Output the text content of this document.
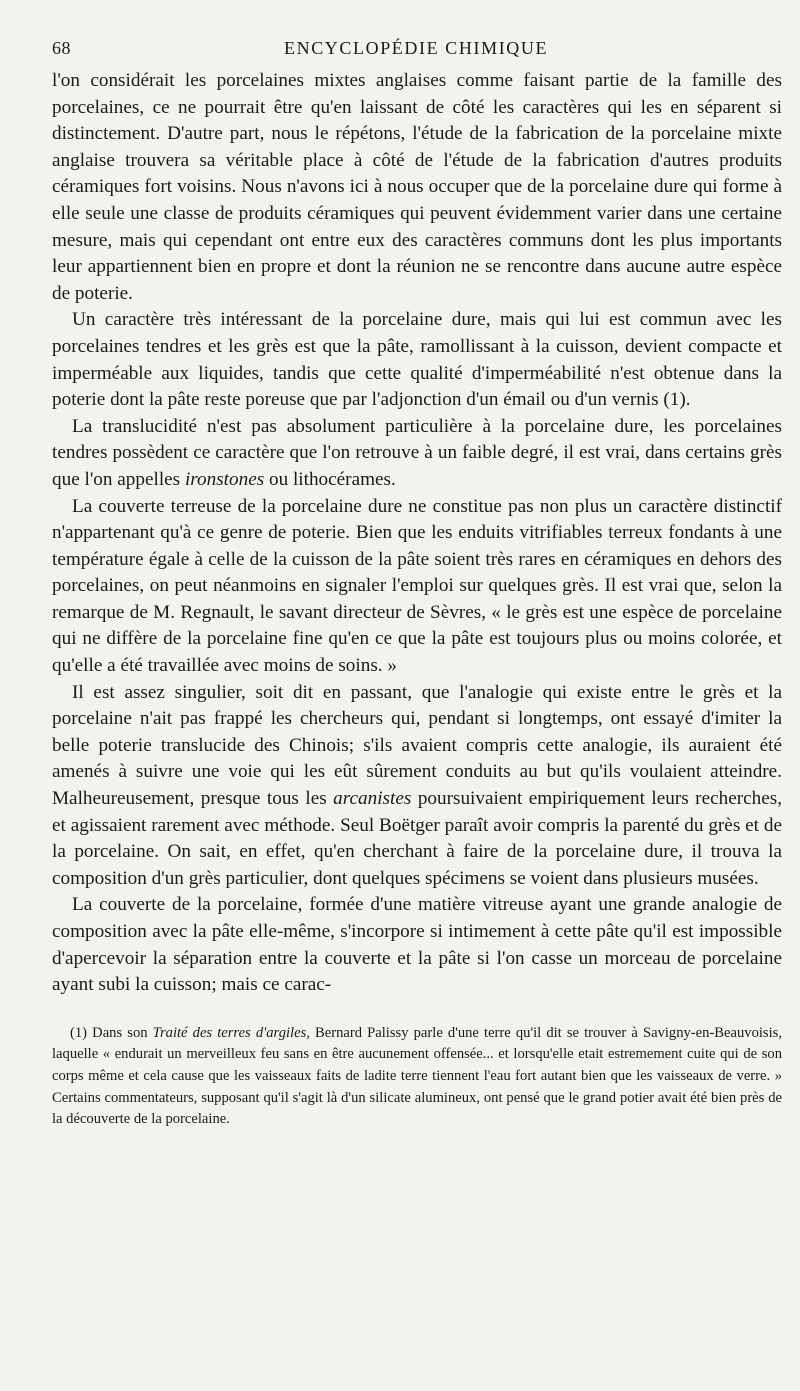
68	ENCYCLOPÉDIE CHIMIQUE

l'on considérait les porcelaines mixtes anglaises comme faisant partie de la famille des porcelaines, ce ne pourrait être qu'en laissant de côté les caractères qui les en séparent si distinctement. D'autre part, nous le répétons, l'étude de la fabrication de la porcelaine mixte anglaise trouvera sa véritable place à côté de l'étude de la fabrication d'autres produits céramiques fort voisins. Nous n'avons ici à nous occuper que de la porcelaine dure qui forme à elle seule une classe de produits céramiques qui peuvent évidemment varier dans une certaine mesure, mais qui cependant ont entre eux des caractères communs dont les plus importants leur appartiennent bien en propre et dont la réunion ne se rencontre dans aucune autre espèce de poterie.

Un caractère très intéressant de la porcelaine dure, mais qui lui est commun avec les porcelaines tendres et les grès est que la pâte, ramollissant à la cuisson, devient compacte et imperméable aux liquides, tandis que cette qualité d'imperméabilité n'est obtenue dans la poterie dont la pâte reste poreuse que par l'adjonction d'un émail ou d'un vernis (1).

La translucidité n'est pas absolument particulière à la porcelaine dure, les porcelaines tendres possèdent ce caractère que l'on retrouve à un faible degré, il est vrai, dans certains grès que l'on appelles ironstones ou lithocérames.

La couverte terreuse de la porcelaine dure ne constitue pas non plus un caractère distinctif n'appartenant qu'à ce genre de poterie. Bien que les enduits vitrifiables terreux fondants à une température égale à celle de la cuisson de la pâte soient très rares en céramiques en dehors des porcelaines, on peut néanmoins en signaler l'emploi sur quelques grès. Il est vrai que, selon la remarque de M. Regnault, le savant directeur de Sèvres, « le grès est une espèce de porcelaine qui ne diffère de la porcelaine fine qu'en ce que la pâte est toujours plus ou moins colorée, et qu'elle a été travaillée avec moins de soins. »

Il est assez singulier, soit dit en passant, que l'analogie qui existe entre le grès et la porcelaine n'ait pas frappé les chercheurs qui, pendant si longtemps, ont essayé d'imiter la belle poterie translucide des Chinois; s'ils avaient compris cette analogie, ils auraient été amenés à suivre une voie qui les eût sûrement conduits au but qu'ils voulaient atteindre. Malheureusement, presque tous les arcanistes poursuivaient empiriquement leurs recherches, et agissaient rarement avec méthode. Seul Boëtger paraît avoir compris la parenté du grès et de la porcelaine. On sait, en effet, qu'en cherchant à faire de la porcelaine dure, il trouva la composition d'un grès particulier, dont quelques spécimens se voient dans plusieurs musées.

La couverte de la porcelaine, formée d'une matière vitreuse ayant une grande analogie de composition avec la pâte elle-même, s'incorpore si intimement à cette pâte qu'il est impossible d'apercevoir la séparation entre la couverte et la pâte si l'on casse un morceau de porcelaine ayant subi la cuisson; mais ce carac-

(1) Dans son Traité des terres d'argiles, Bernard Palissy parle d'une terre qu'il dit se trouver à Savigny-en-Beauvoisis, laquelle « endurait un merveilleux feu sans en être aucunement offensée... et lorsqu'elle etait estremement cuite qui de son corps même et cela cause que les vaisseaux faits de ladite terre tiennent l'eau fort autant bien que les vaisseaux de verre. » Certains commentateurs, supposant qu'il s'agit là d'un silicate alumineux, ont pensé que le grand potier avait été bien près de la découverte de la porcelaine.
